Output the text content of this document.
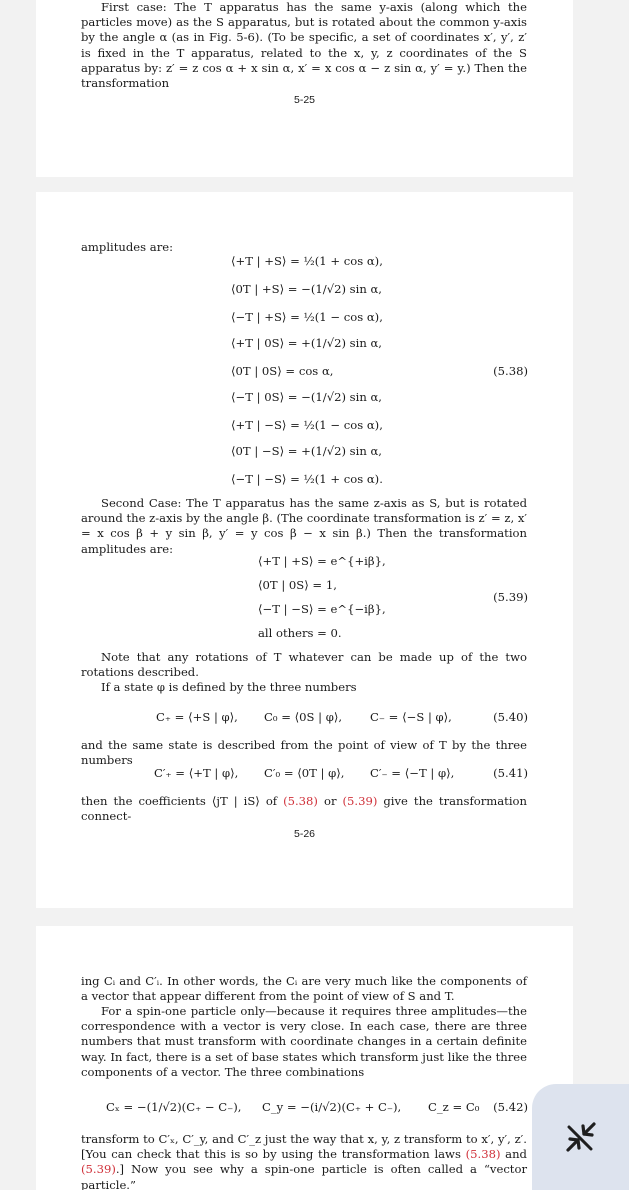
First case: The T apparatus has the same y-axis (along which the particles move) as the S apparatus, but is rotated about the common y-axis by the angle α (as in Fig. 5-6). (To be specific, a set of coordinates x′, y′, z′ is fixed in the T apparatus, related to the x, y, z coordinates of the S apparatus by: z′ = z cos α + x sin α, x′ = x cos α − z sin α, y′ = y.) Then the transformation
5-25
amplitudes are:
⟨+T | +S⟩ = ½(1 + cos α),
⟨0T | +S⟩ = −(1/√2) sin α,
⟨−T | +S⟩ = ½(1 − cos α),
⟨+T | 0S⟩ = +(1/√2) sin α,
⟨0T | 0S⟩ = cos α,
⟨−T | 0S⟩ = −(1/√2) sin α,
⟨+T | −S⟩ = ½(1 − cos α),
⟨0T | −S⟩ = +(1/√2) sin α,
⟨−T | −S⟩ = ½(1 + cos α).
(5.38)
Second Case: The T apparatus has the same z-axis as S, but is rotated around the z-axis by the angle β. (The coordinate transformation is z′ = z, x′ = x cos β + y sin β, y′ = y cos β − x sin β.) Then the transformation amplitudes are:
⟨+T | +S⟩ = e^{+iβ},
⟨0T | 0S⟩ = 1,
⟨−T | −S⟩ = e^{−iβ},
all others = 0.
(5.39)
Note that any rotations of T whatever can be made up of the two rotations described.
If a state φ is defined by the three numbers
C₊ = ⟨+S | φ⟩, C₀ = ⟨0S | φ⟩, C₋ = ⟨−S | φ⟩,	(5.40)
and the same state is described from the point of view of T by the three numbers
C′₊ = ⟨+T | φ⟩, C′₀ = ⟨0T | φ⟩, C′₋ = ⟨−T | φ⟩,	(5.41)
then the coefficients ⟨jT | iS⟩ of (5.38) or (5.39) give the transformation connect-
5-26
ing Cᵢ and C′ᵢ. In other words, the Cᵢ are very much like the components of a vector that appear different from the point of view of S and T.
For a spin-one particle only—because it requires three amplitudes—the correspondence with a vector is very close. In each case, there are three numbers that must transform with coordinate changes in a certain definite way. In fact, there is a set of base states which transform just like the three components of a vector. The three combinations
Cₓ = −(1/√2)(C₊ − C₋), C_y = −(i/√2)(C₊ + C₋), C_z = C₀ (5.42)
transform to C′ₓ, C′_y, and C′_z just the way that x, y, z transform to x′, y′, z′. [You can check that this is so by using the transformation laws (5.38) and (5.39).] Now you see why a spin-one particle is often called a “vector particle.”
